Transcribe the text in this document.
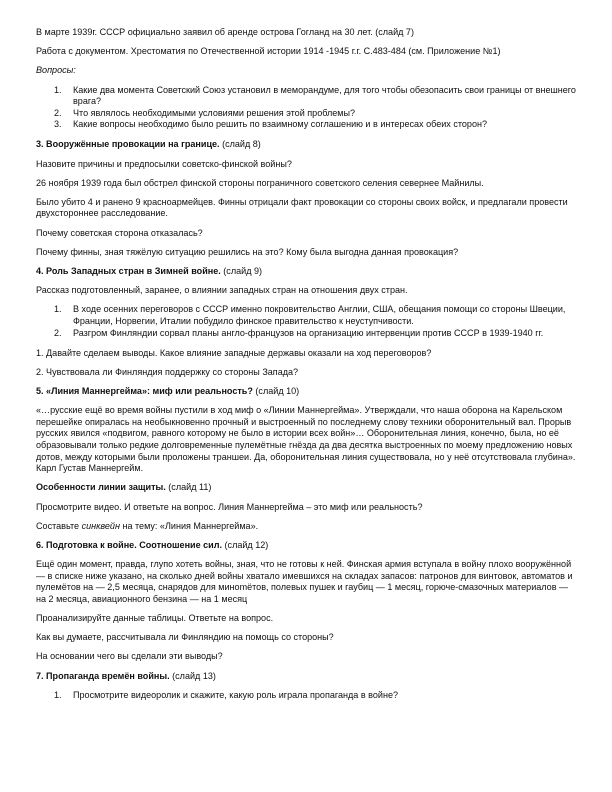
В марте 1939г. СССР официально заявил об аренде острова Гогланд на 30 лет. (слайд 7)

Работа с документом. Хрестоматия по Отечественной истории 1914 -1945 г.г. С.483-484 (см. Приложение №1)

Вопросы:

1. Какие два момента Советский Союз установил в меморандуме, для того чтобы обезопасить свои границы от внешнего врага?
2. Что являлось необходимыми условиями решения этой проблемы?
3. Какие вопросы необходимо было решить по взаимному соглашению и в интересах обеих сторон?

3. Вооружённые провокации на границе. (слайд 8)

Назовите причины и предпосылки советско-финской войны?

26 ноября 1939 года был обстрел финской стороны пограничного советского селения севернее Майнилы.

Было убито 4 и ранено 9 красноармейцев. Финны отрицали факт провокации со стороны своих войск, и предлагали провести двухстороннее расследование.

Почему советская сторона отказалась?

Почему финны, зная тяжёлую ситуацию решились на это? Кому была выгодна данная провокация?

4. Роль Западных стран в Зимней войне. (слайд 9)

Рассказ подготовленный, заранее, о влиянии западных стран на отношения двух стран.

1. В ходе осенних переговоров с СССР именно покровительство Англии, США, обещания помощи со стороны Швеции, Франции, Норвегии, Италии побудило финское правительство к неуступчивости.
2. Разгром Финляндии сорвал планы англо-французов на организацию интервенции против СССР в 1939-1940 гг.

1. Давайте сделаем выводы. Какое влияние западные державы оказали на ход переговоров?

2. Чувствовала ли Финляндия поддержку со стороны Запада?

5. «Линия Маннергейма»: миф или реальность? (слайд 10)

«…русские ещё во время войны пустили в ход миф о «Линии Маннергейма». Утверждали, что наша оборона на Карельском перешейке опиралась на необыкновенно прочный и выстроенный по последнему слову техники оборонительный вал. Прорыв русских явился «подвигом, равного которому не было в истории всех войн»… Оборонительная линия, конечно, была, но её образовывали только редкие долговременные пулемётные гнёзда да два десятка выстроенных по моему предложению новых дотов, между которыми были проложены траншеи. Да, оборонительная линия существовала, но у неё отсутствовала глубина». Карл Густав Маннергейм.

Особенности линии защиты. (слайд 11)

Просмотрите видео. И ответьте на вопрос. Линия Маннергейма – это миф или реальность?

Составьте синквейн на тему: «Линия Маннергейма».

6. Подготовка к войне. Соотношение сил. (слайд 12)

Ещё один момент, правда, глупо хотеть войны, зная, что не готовы к ней. Финская армия вступала в войну плохо вооружённой — в списке ниже указано, на сколько дней войны хватало имевшихся на складах запасов: патронов для винтовок, автоматов и пулемётов на — 2,5 месяца, снарядов для минomётов, полевых пушек и гаубиц — 1 месяц, горюче-смазочных материалов — на 2 месяца, авиационного бензина — на 1 месяц

Проанализируйте данные таблицы. Ответьте на вопрос.

Как вы думаете, рассчитывала ли Финляндию на помощь со стороны?

На основании чего вы сделали эти выводы?

7. Пропаганда времён войны. (слайд 13)

1. Просмотрите видеоролик и скажите, какую роль играла пропаганда в войне?
